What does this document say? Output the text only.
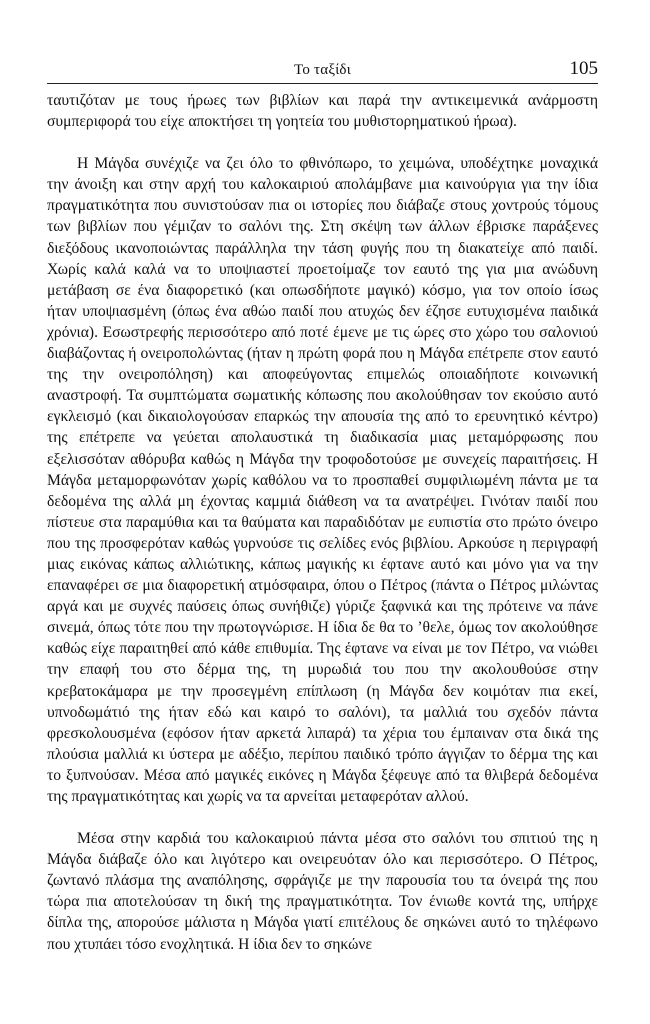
Το ταξίδι	105

ταυτιζόταν με τους ήρωες των βιβλίων και παρά την αντικειμενικά ανάρμοστη συμπεριφορά του είχε αποκτήσει τη γοητεία του μυθιστορηματικού ήρωα).

Η Μάγδα συνέχιζε να ζει όλο το φθινόπωρο, το χειμώνα, υποδέχτηκε μοναχικά την άνοιξη και στην αρχή του καλοκαιριού απολάμβανε μια καινούργια για την ίδια πραγματικότητα που συνιστούσαν πια οι ιστορίες που διάβαζε στους χοντρούς τόμους των βιβλίων που γέμιζαν το σαλόνι της. Στη σκέψη των άλλων έβρισκε παράξενες διεξόδους ικανοποιώντας παράλληλα την τάση φυγής που τη διακατείχε από παιδί. Χωρίς καλά καλά να το υποψιαστεί προετοίμαζε τον εαυτό της για μια ανώδυνη μετάβαση σε ένα διαφορετικό (και οπωσδήποτε μαγικό) κόσμο, για τον οποίο ίσως ήταν υποψιασμένη (όπως ένα αθώο παιδί που ατυχώς δεν έζησε ευτυχισμένα παιδικά χρόνια). Εσωστρεφής περισσότερο από ποτέ έμενε με τις ώρες στο χώρο του σαλονιού διαβάζοντας ή ονειροπολώντας (ήταν η πρώτη φορά που η Μάγδα επέτρεπε στον εαυτό της την ονειροπόληση) και αποφεύγοντας επιμελώς οποιαδήποτε κοινωνική αναστροφή. Τα συμπτώματα σωματικής κόπωσης που ακολούθησαν τον εκούσιο αυτό εγκλεισμό (και δικαιολογούσαν επαρκώς την απουσία της από το ερευνητικό κέντρο) της επέτρεπε να γεύεται απολαυστικά τη διαδικασία μιας μεταμόρφωσης που εξελισσόταν αθόρυβα καθώς η Μάγδα την τροφοδοτούσε με συνεχείς παραιτήσεις. Η Μάγδα μεταμορφωνόταν χωρίς καθόλου να το προσπαθεί συμφιλιωμένη πάντα με τα δεδομένα της αλλά μη έχοντας καμμιά διάθεση να τα ανατρέψει. Γινόταν παιδί που πίστευε στα παραμύθια και τα θαύματα και παραδιδόταν με ευπιστία στο πρώτο όνειρο που της προσφερόταν καθώς γυρνούσε τις σελίδες ενός βιβλίου. Αρκούσε η περιγραφή μιας εικόνας κάπως αλλιώτικης, κάπως μαγικής κι έφτανε αυτό και μόνο για να την επαναφέρει σε μια διαφορετική ατμόσφαιρα, όπου ο Πέτρος (πάντα ο Πέτρος μιλώντας αργά και με συχνές παύσεις όπως συνήθιζε) γύριζε ξαφνικά και της πρότεινε να πάνε σινεμά, όπως τότε που την πρωτογνώρισε. Η ίδια δε θα το ’θελε, όμως τον ακολούθησε καθώς είχε παραιτηθεί από κάθε επιθυμία. Της έφτανε να είναι με τον Πέτρο, να νιώθει την επαφή του στο δέρμα της, τη μυρωδιά του που την ακολουθούσε στην κρεβατοκάμαρα με την προσεγμένη επίπλωση (η Μάγδα δεν κοιμόταν πια εκεί, υπνοδωμάτιό της ήταν εδώ και καιρό το σαλόνι), τα μαλλιά του σχεδόν πάντα φρεσκολουσμένα (εφόσον ήταν αρκετά λιπαρά) τα χέρια του έμπαιναν στα δικά της πλούσια μαλλιά κι ύστερα με αδέξιο, περίπου παιδικό τρόπο άγγιζαν το δέρμα της και το ξυπνούσαν. Μέσα από μαγικές εικόνες η Μάγδα ξέφευγε από τα θλιβερά δεδομένα της πραγματικότητας και χωρίς να τα αρνείται μεταφερόταν αλλού.

Μέσα στην καρδιά του καλοκαιριού πάντα μέσα στο σαλόνι του σπιτιού της η Μάγδα διάβαζε όλο και λιγότερο και ονειρευόταν όλο και περισσότερο. Ο Πέτρος, ζωντανό πλάσμα της αναπόλησης, σφράγιζε με την παρουσία του τα όνειρά της που τώρα πια αποτελούσαν τη δική της πραγματικότητα. Τον ένιωθε κοντά της, υπήρχε δίπλα της, απορούσε μάλιστα η Μάγδα γιατί επιτέλους δε σηκώνει αυτό το τηλέφωνο που χτυπάει τόσο ενοχλητικά. Η ίδια δεν το σηκώνε
